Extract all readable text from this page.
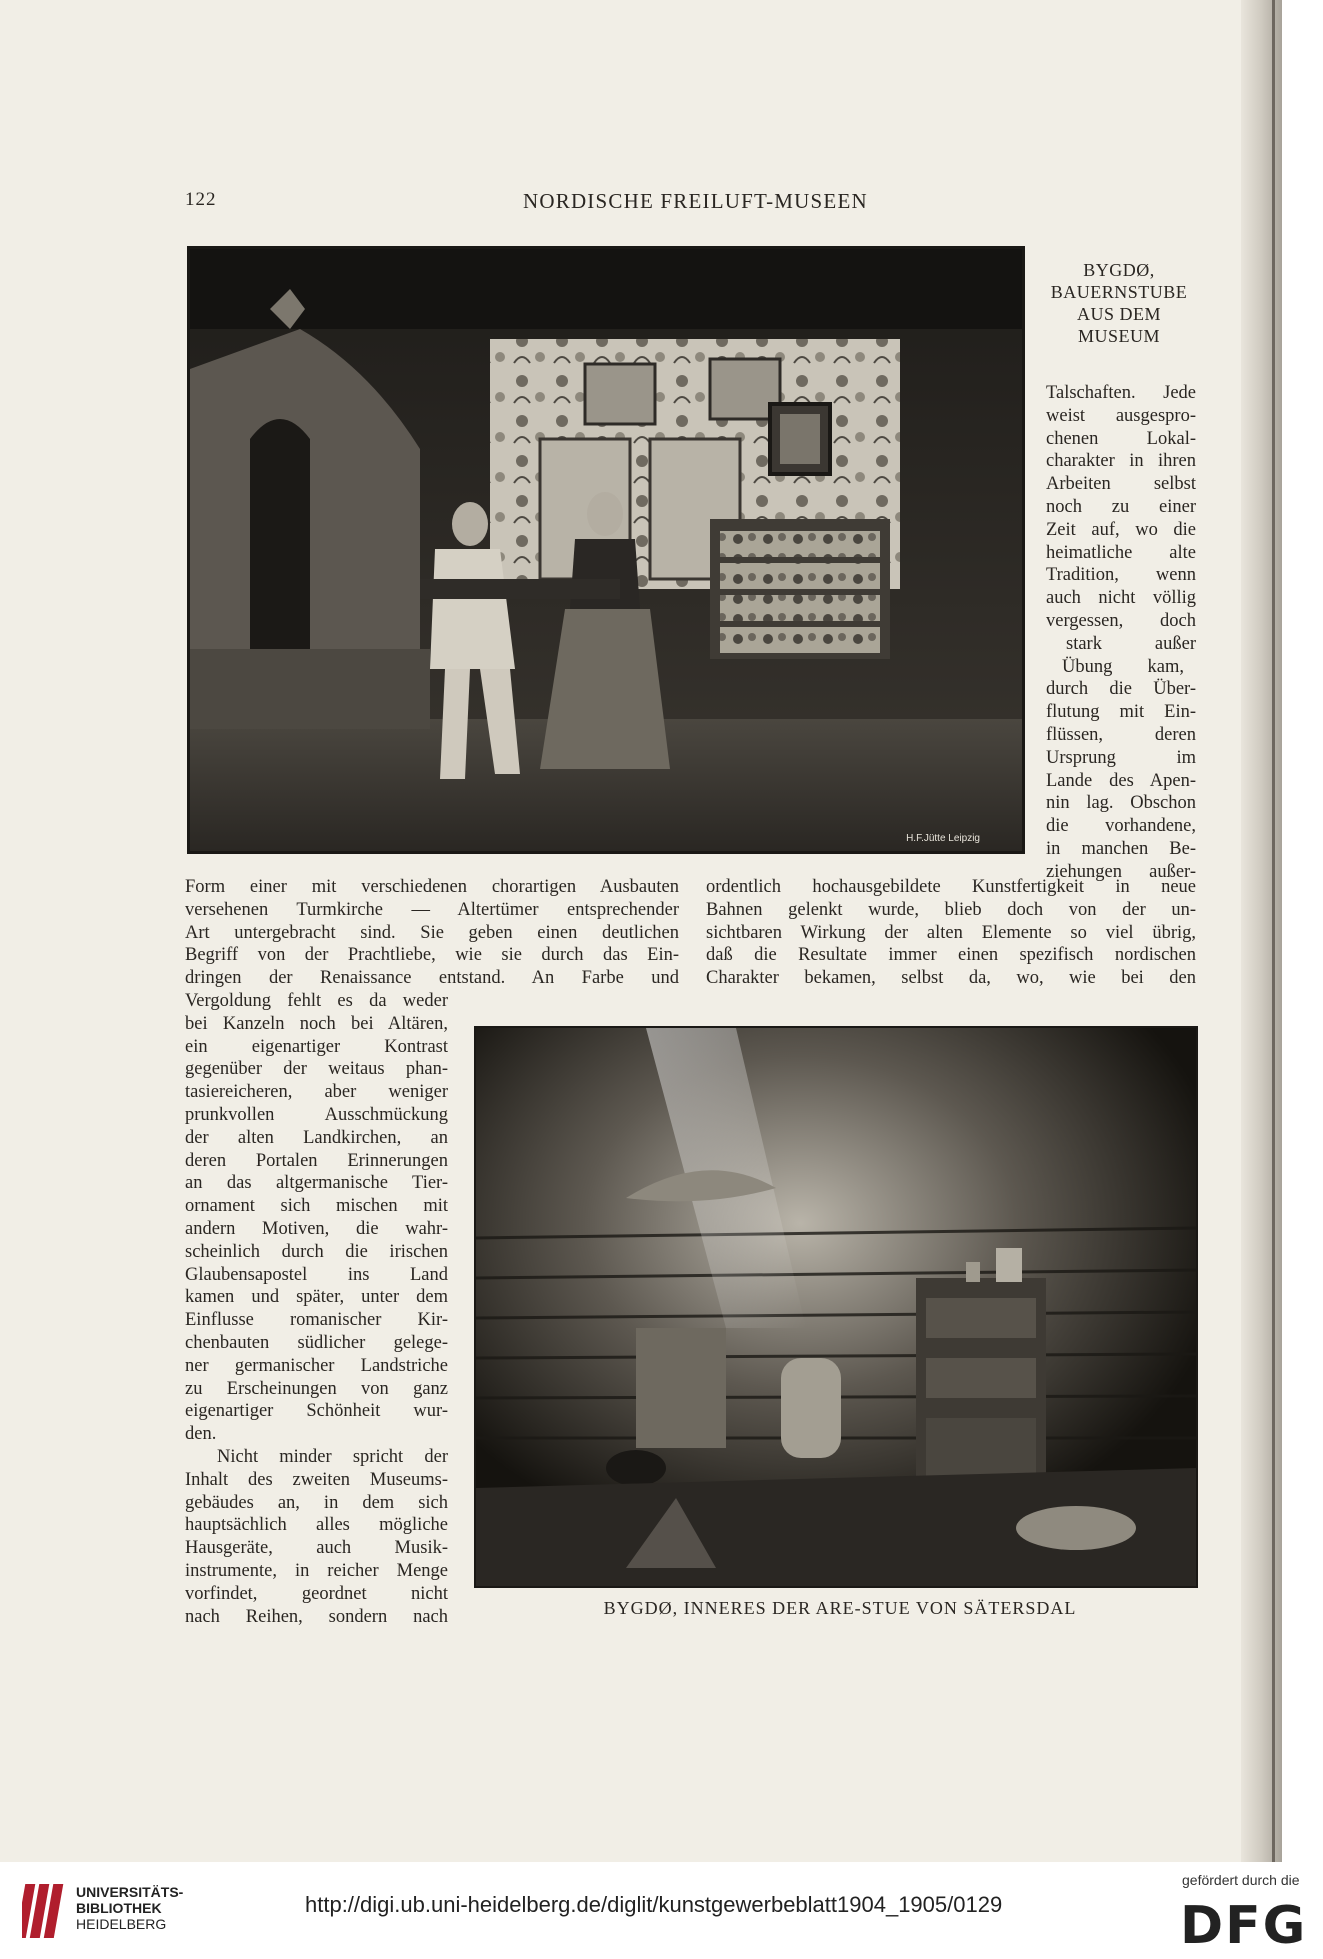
122	NORDISCHE FREILUFT-MUSEEN
H.F.Jütte Leipzig
BYGDØ,
BAUERNSTUBE
AUS DEM
MUSEUM
Talschaften. Jede
weist ausgespro-
chenen Lokal-
charakter in ihren
Arbeiten selbst
noch zu einer
Zeit auf, wo die
heimatliche alte
Tradition, wenn
auch nicht völlig
vergessen, doch
stark außer
Übung kam,
durch die Über-
flutung mit Ein-
flüssen, deren
Ursprung im
Lande des Apen-
nin lag. Obschon
die vorhandene,
in manchen Be-
ziehungen außer-
Form einer mit verschiedenen chorartigen Ausbauten
versehenen Turmkirche — Altertümer entsprechender
Art untergebracht sind. Sie geben einen deutlichen
Begriff von der Prachtliebe, wie sie durch das Ein-
dringen der Renaissance entstand. An Farbe und
ordentlich hochausgebildete Kunstfertigkeit in neue
Bahnen gelenkt wurde, blieb doch von der un-
sichtbaren Wirkung der alten Elemente so viel übrig,
daß die Resultate immer einen spezifisch nordischen
Charakter bekamen, selbst da, wo, wie bei den
Vergoldung fehlt es da weder
bei Kanzeln noch bei Altären,
ein eigenartiger Kontrast
gegenüber der weitaus phan-
tasiereicheren, aber weniger
prunkvollen Ausschmückung
der alten Landkirchen, an
deren Portalen Erinnerungen
an das altgermanische Tier-
ornament sich mischen mit
andern Motiven, die wahr-
scheinlich durch die irischen
Glaubensapostel ins Land
kamen und später, unter dem
Einflusse romanischer Kir-
chenbauten südlicher gelege-
ner germanischer Landstriche
zu Erscheinungen von ganz
eigenartiger Schönheit wur-
den.
Nicht minder spricht der
Inhalt des zweiten Museums-
gebäudes an, in dem sich
hauptsächlich alles mögliche
Hausgeräte, auch Musik-
instrumente, in reicher Menge
vorfindet, geordnet nicht
nach Reihen, sondern nach	BYGDØ, INNERES DER ARE-STUE VON SÄTERSDAL
UNIVERSITÄTS-
BIBLIOTHEK
HEIDELBERG
http://digi.ub.uni-heidelberg.de/diglit/kunstgewerbeblatt1904_1905/0129
gefördert durch die
DFG
